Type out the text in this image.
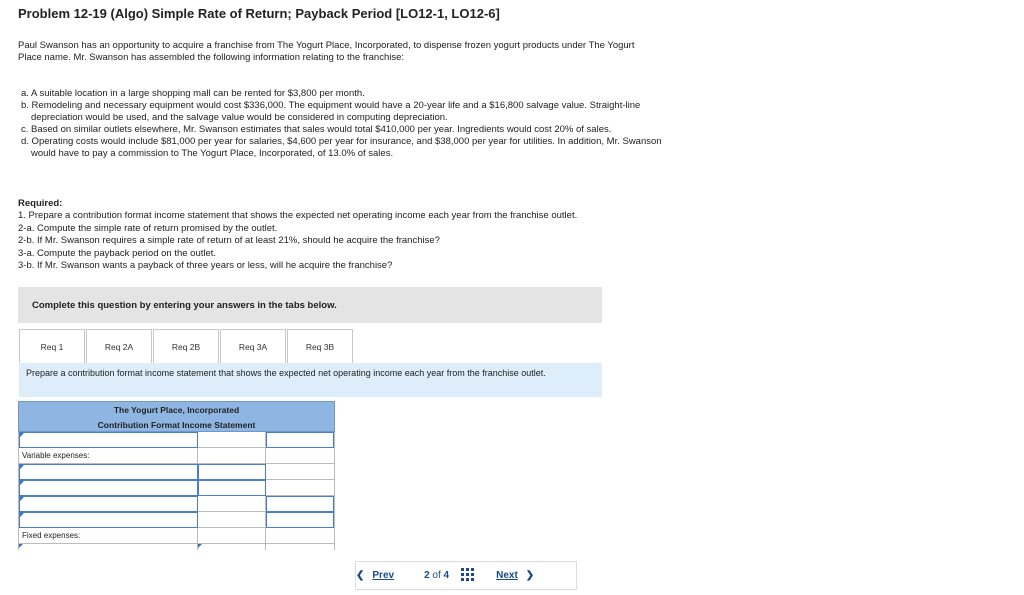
Problem 12-19 (Algo) Simple Rate of Return; Payback Period [LO12-1, LO12-6]
Paul Swanson has an opportunity to acquire a franchise from The Yogurt Place, Incorporated, to dispense frozen yogurt products under The Yogurt Place name. Mr. Swanson has assembled the following information relating to the franchise:
a. A suitable location in a large shopping mall can be rented for $3,800 per month.
b. Remodeling and necessary equipment would cost $336,000. The equipment would have a 20-year life and a $16,800 salvage value. Straight-line depreciation would be used, and the salvage value would be considered in computing depreciation.
c. Based on similar outlets elsewhere, Mr. Swanson estimates that sales would total $410,000 per year. Ingredients would cost 20% of sales.
d. Operating costs would include $81,000 per year for salaries, $4,600 per year for insurance, and $38,000 per year for utilities. In addition, Mr. Swanson would have to pay a commission to The Yogurt Place, Incorporated, of 13.0% of sales.
Required:
1. Prepare a contribution format income statement that shows the expected net operating income each year from the franchise outlet.
2-a. Compute the simple rate of return promised by the outlet.
2-b. If Mr. Swanson requires a simple rate of return of at least 21%, should he acquire the franchise?
3-a. Compute the payback period on the outlet.
3-b. If Mr. Swanson wants a payback of three years or less, will he acquire the franchise?
Complete this question by entering your answers in the tabs below.
Req 1	Req 2A	Req 2B	Req 3A	Req 3B
Prepare a contribution format income statement that shows the expected net operating income each year from the franchise outlet.
The Yogurt Place, Incorporated
Contribution Format Income Statement
Variable expenses:
Fixed expenses:
❮ Prev	2 of 4	Next ❯
